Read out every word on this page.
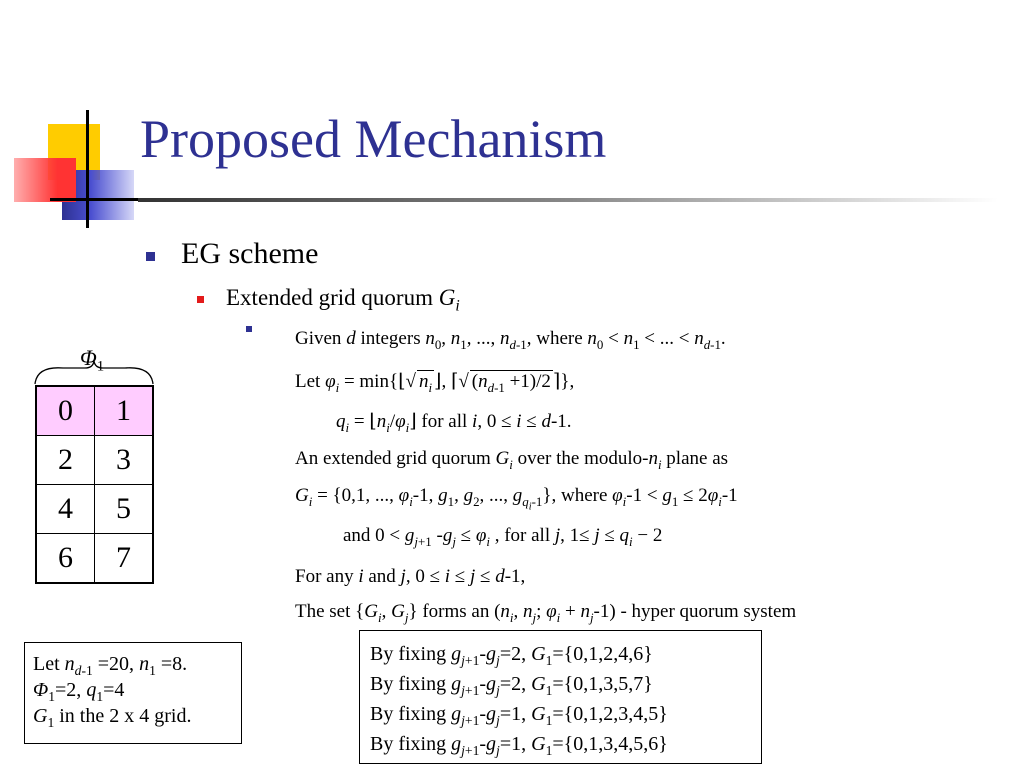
Proposed Mechanism
EG scheme
Extended grid quorum $G_i$
Given d integers $n_0$, $n_1$, ..., $n_{d-1}$, where $n_0 < n_1$ < ... < $n_{d-1}$.
Let $\varphi_i$ = min{⌊√ $n_i$ ⌋, ⌈√ $(n_{d-1} +1)/2$ ⌉},
$q_i$ = $⌊n_i/\varphi_i⌋$ for all i, 0 ≤ i ≤ d-1.
An extended grid quorum $G_i$ over the modulo-$n_i$ plane as
$G_i = \{0,1$, ..., $\varphi_i-1$, $g_1$, $g_2$, ..., $g_{q_i-1}$}, where $\varphi_i-1 < g_1 \le 2\varphi_i-1$
and $0 < g_{j+1}$ $-g_j \le \varphi_i$ , for all j, $1\le j \le q_i - 2$
For any i and j, 0 ≤ i ≤ j ≤ d-1,
The set {$G_i$, $G_j$} forms an ($n_i$, $n_j$; $\varphi_i + n_j-1$) - hyper quorum system
$\Phi_1$
0	1
2	3
4	5
6	7
Let $n_{d-1} =20$, $n_1 =8$.
$\Phi_1=2$, $q_1=4$
$G_1$ in the 2 x 4 grid.
By fixing $g_{j+1}-g_j=2$, $G_1=\{0,1,2,4,6\}$
By fixing $g_{j+1}-g_j=2$, $G_1=\{0,1,3,5,7\}$
By fixing $g_{j+1}-g_j=1$, $G_1=\{0,1,2,3,4,5\}$
By fixing $g_{j+1}-g_j=1$, $G_1=\{0,1,3,4,5,6\}$
